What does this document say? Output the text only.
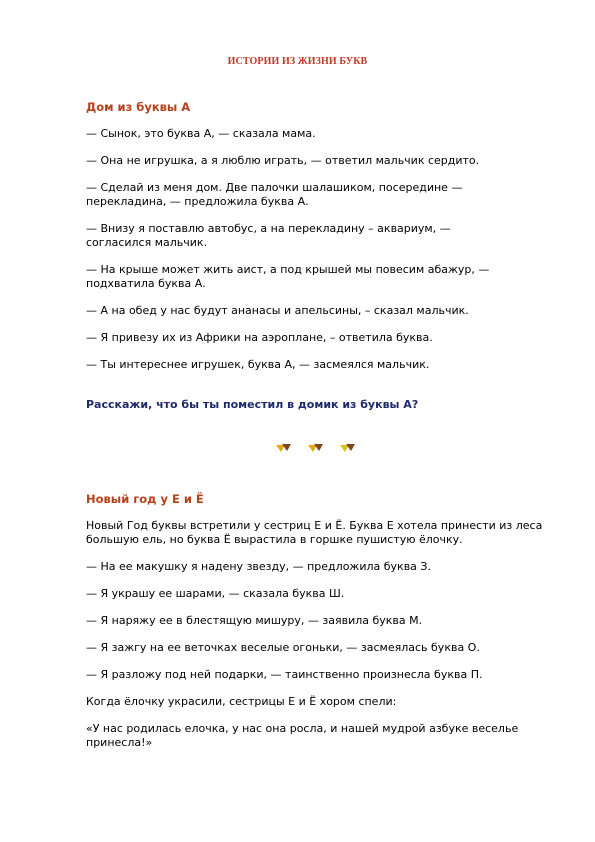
ИСТОРИИ ИЗ ЖИЗНИ БУКВ

Дом из буквы А

— Сынок, это буква А, — сказала мама.

— Она не игрушка, а я люблю играть, — ответил мальчик сердито.

— Сделай из меня дом. Две палочки шалашиком, посередине — перекладина, — предложила буква А.

— Внизу я поставлю автобус, а на перекладину – аквариум, — согласился мальчик.

— На крыше может жить аист, а под крышей мы повесим абажур, — подхватила буква А.

— А на обед у нас будут ананасы и апельсины, – сказал мальчик.

— Я привезу их из Африки на аэроплане, – ответила буква.

— Ты интереснее игрушек, буква А, — засмеялся мальчик.

Расскажи, что бы ты поместил в домик из буквы А?

Новый год у Е и Ё

Новый Год буквы встретили у сестриц Е и Ё. Буква Е хотела принести из леса большую ель, но буква Ё вырастила в горшке пушистую ёлочку.

— На ее макушку я надену звезду, — предложила буква З.

— Я украшу ее шарами, — сказала буква Ш.

— Я наряжу ее в блестящую мишуру, — заявила буква М.

— Я зажгу на ее веточках веселые огоньки, — засмеялась буква О.

— Я разложу под ней подарки, — таинственно произнесла буква П.

Когда ёлочку украсили, сестрицы Е и Ё хором спели:

«У нас родилась елочка, у нас она росла, и нашей мудрой азбуке веселье принесла!»
